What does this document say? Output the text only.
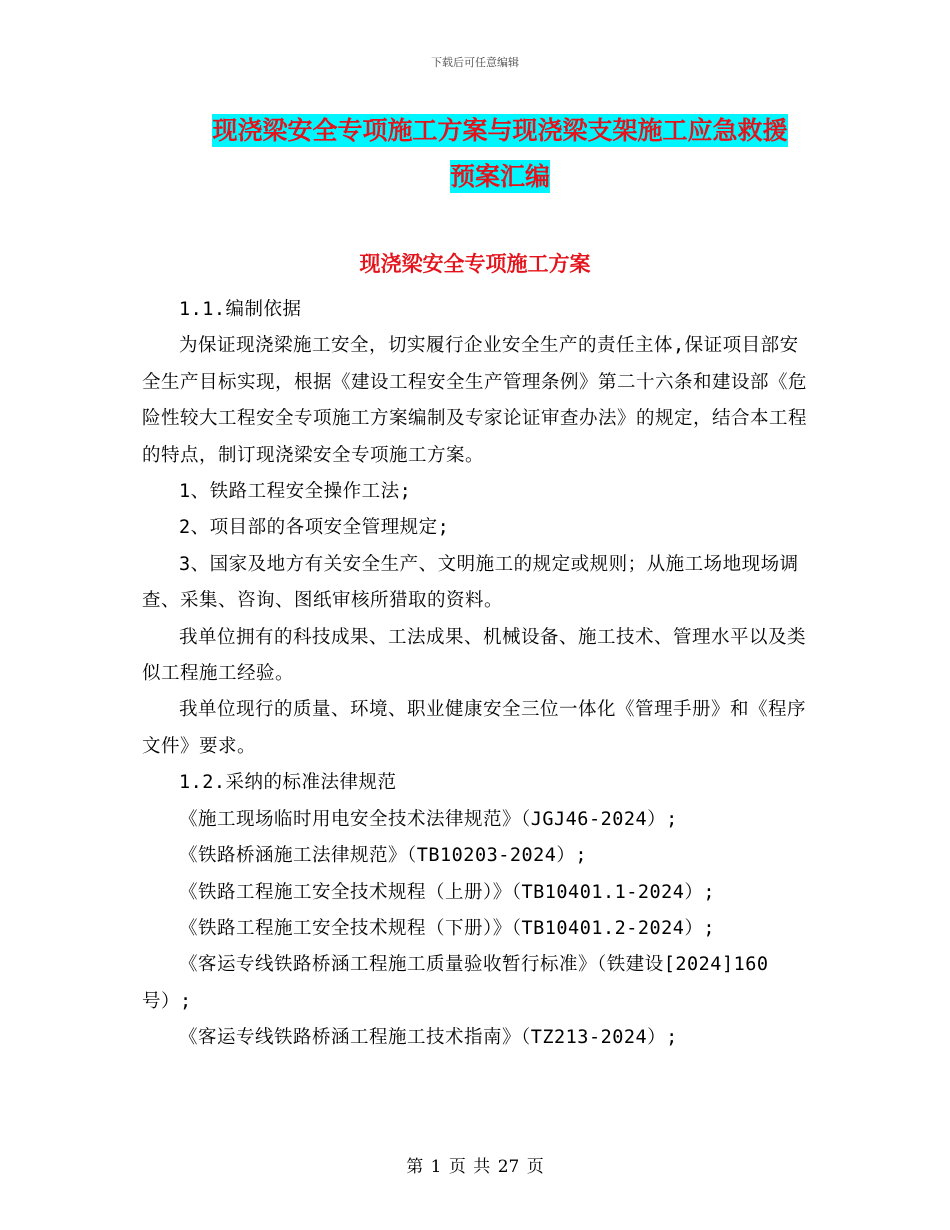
下载后可任意编辑
现浇梁安全专项施工方案与现浇梁支架施工应急救援
预案汇编
现浇梁安全专项施工方案

1.1.编制依据

为保证现浇梁施工安全，切实履行企业安全生产的责任主体,保证项目部安全生产目标实现，根据《建设工程安全生产管理条例》第二十六条和建设部《危险性较大工程安全专项施工方案编制及专家论证审查办法》的规定，结合本工程的特点，制订现浇梁安全专项施工方案。

1、铁路工程安全操作工法;

2、项目部的各项安全管理规定;

3、国家及地方有关安全生产、文明施工的规定或规则；从施工场地现场调查、采集、咨询、图纸审核所猎取的资料。

我单位拥有的科技成果、工法成果、机械设备、施工技术、管理水平以及类似工程施工经验。

我单位现行的质量、环境、职业健康安全三位一体化《管理手册》和《程序文件》要求。

1.2.采纳的标准法律规范

《施工现场临时用电安全技术法律规范》（JGJ46-2024）;

《铁路桥涵施工法律规范》（TB10203-2024）;

《铁路工程施工安全技术规程（上册）》（TB10401.1-2024）;

《铁路工程施工安全技术规程（下册）》（TB10401.2-2024）;

《客运专线铁路桥涵工程施工质量验收暂行标准》（铁建设[2024]160号）;

《客运专线铁路桥涵工程施工技术指南》（TZ213-2024）;

第 1 页 共 27 页
